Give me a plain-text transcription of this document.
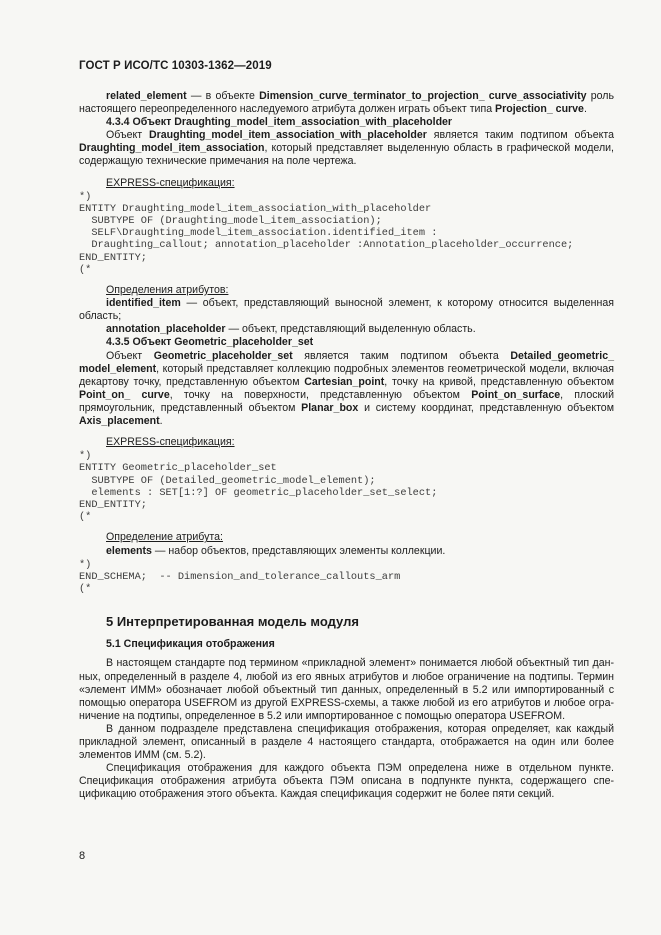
ГОСТ Р ИСО/ТС 10303-1362—2019

related_element — в объекте Dimension_curve_terminator_to_projection_ curve_associativity роль настоящего переопределенного наследуемого атрибута должен играть объект типа Projection_ curve.

4.3.4 Объект Draughting_model_item_association_with_placeholder

Объект Draughting_model_item_association_with_placeholder является таким подтипом объекта Draughting_model_item_association, который представляет выделенную область в графической модели, содержащую технические примечания на поле чертежа.

EXPRESS-спецификация:

*)
ENTITY Draughting_model_item_association_with_placeholder
SUBTYPE OF (Draughting_model_item_association);
SELF\Draughting_model_item_association.identified_item :
Draughting_callout; annotation_placeholder :Annotation_placeholder_occurrence;
END_ENTITY;
(*

Определения атрибутов:

identified_item — объект, представляющий выносной элемент, к которому относится выделенная область;

annotation_placeholder — объект, представляющий выделенную область.

4.3.5 Объект Geometric_placeholder_set

Объект Geometric_placeholder_set является таким подтипом объекта Detailed_geometric_ model_element, который представляет коллекцию подробных элементов геометрической модели, включая декартову точку, представленную объектом Cartesian_point, точку на кривой, представленную объектом Point_on_ curve, точку на поверхности, представленную объектом Point_on_surface, плоский прямоугольник, представленный объектом Planar_box и систему координат, представленную объектом Axis_placement.

EXPRESS-спецификация:

*)
ENTITY Geometric_placeholder_set
SUBTYPE OF (Detailed_geometric_model_element);
elements : SET[1:?] OF geometric_placeholder_set_select;
END_ENTITY;
(*

Определение атрибута:

elements — набор объектов, представляющих элементы коллекции.

*)
END_SCHEMA;  -- Dimension_and_tolerance_callouts_arm
(*

5 Интерпретированная модель модуля

5.1 Спецификация отображения

В настоящем стандарте под термином «прикладной элемент» понимается любой объектный тип данных, определенный в разделе 4, любой из его явных атрибутов и любое ограничение на подтипы. Термин «элемент ИММ» обозначает любой объектный тип данных, определенный в 5.2 или импортированный с помощью оператора USEFROM из другой EXPRESS-схемы, а также любой из его атрибутов и любое ограничение на подтипы, определенное в 5.2 или импортированное с помощью оператора USEFROM.

В данном подразделе представлена спецификация отображения, которая определяет, как каждый прикладной элемент, описанный в разделе 4 настоящего стандарта, отображается на один или более элементов ИММ (см. 5.2).

Спецификация отображения для каждого объекта ПЭМ определена ниже в отдельном пункте. Спецификация отображения атрибута объекта ПЭМ описана в подпункте пункта, содержащего спецификацию отображения этого объекта. Каждая спецификация содержит не более пяти секций.

8
